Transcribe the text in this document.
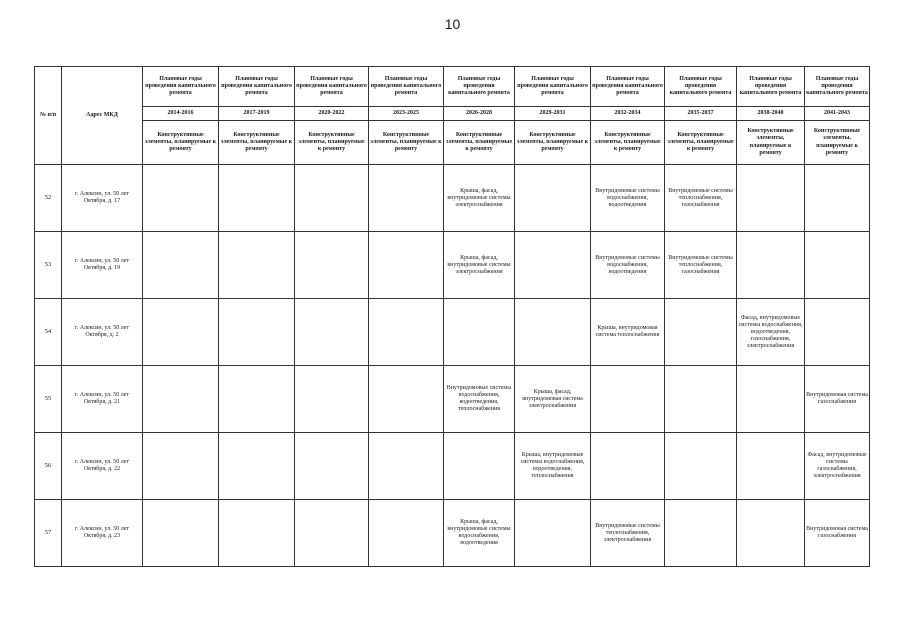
10
№ п/п	Адрес МКД	Плановые годы проведения капитального ремонта	Плановые годы проведения капитального ремонта	Плановые годы проведения капитального ремонта	Плановые годы проведения капитального ремонта	Плановые годы проведения капитального ремонта	Плановые годы проведения капитального ремонта	Плановые годы проведения капитального ремонта	Плановые годы проведения капитального ремонта	Плановые годы проведения капитального ремонта	Плановые годы проведения капитального ремонта
		2014-2016	2017-2019	2020-2022	2023-2025	2026-2028	2029-2031	2032-2034	2035-2037	2038-2040	2041-2043
		Конструктивные элементы, планируемые к ремонту	Конструктивные элементы, планируемые к ремонту	Конструктивные элементы, планируемые к ремонту	Конструктивные элементы, планируемые к ремонту	Конструктивные элементы, планируемые к ремонту	Конструктивные элементы, планируемые к ремонту	Конструктивные элементы, планируемые к ремонту	Конструктивные элементы, планируемые к ремонту	Конструктивные элементы, планируемые к ремонту	Конструктивные элементы, планируемые к ремонту
52	г. Алексин, ул. 50 лет Октября, д. 17					Крыша, фасад, внутридомовые системы электроснабжения		Внутридомовые системы водоснабжения, водоотведения	Внутридомовые системы теплоснабжения, газоснабжения		
53	г. Алексин, ул. 50 лет Октября, д. 19					Крыша, фасад, внутридомовые системы электроснабжения		Внутридомовые системы водоснабжения, водоотведения	Внутридомовые системы теплоснабжения, газоснабжения		
54	г. Алексин, ул. 50 лет Октября, д. 2							Крыша, внутридомовая система теплоснабжения		Фасад, внутридомовые системы водоснабжения, водоотведения, газоснабжения, электроснабжения	
55	г. Алексин, ул. 50 лет Октября, д. 21					Внутридомовые системы водоснабжения, водоотведения, теплоснабжения	Крыша, фасад, внутридомовая система электроснабжения				Внутридомовая система газоснабжения
56	г. Алексин, ул. 50 лет Октября, д. 22						Крыша, внутридомовые системы водоснабжения, водоотведения, теплоснабжения				Фасад, внутридомовые системы газоснабжения, электроснабжения
57	г. Алексин, ул. 50 лет Октября, д. 23					Крыша, фасад, внутридомовые системы водоснабжения, водоотведения		Внутридомовые системы теплоснабжения, электроснабжения			Внутридомовая система газоснабжения
